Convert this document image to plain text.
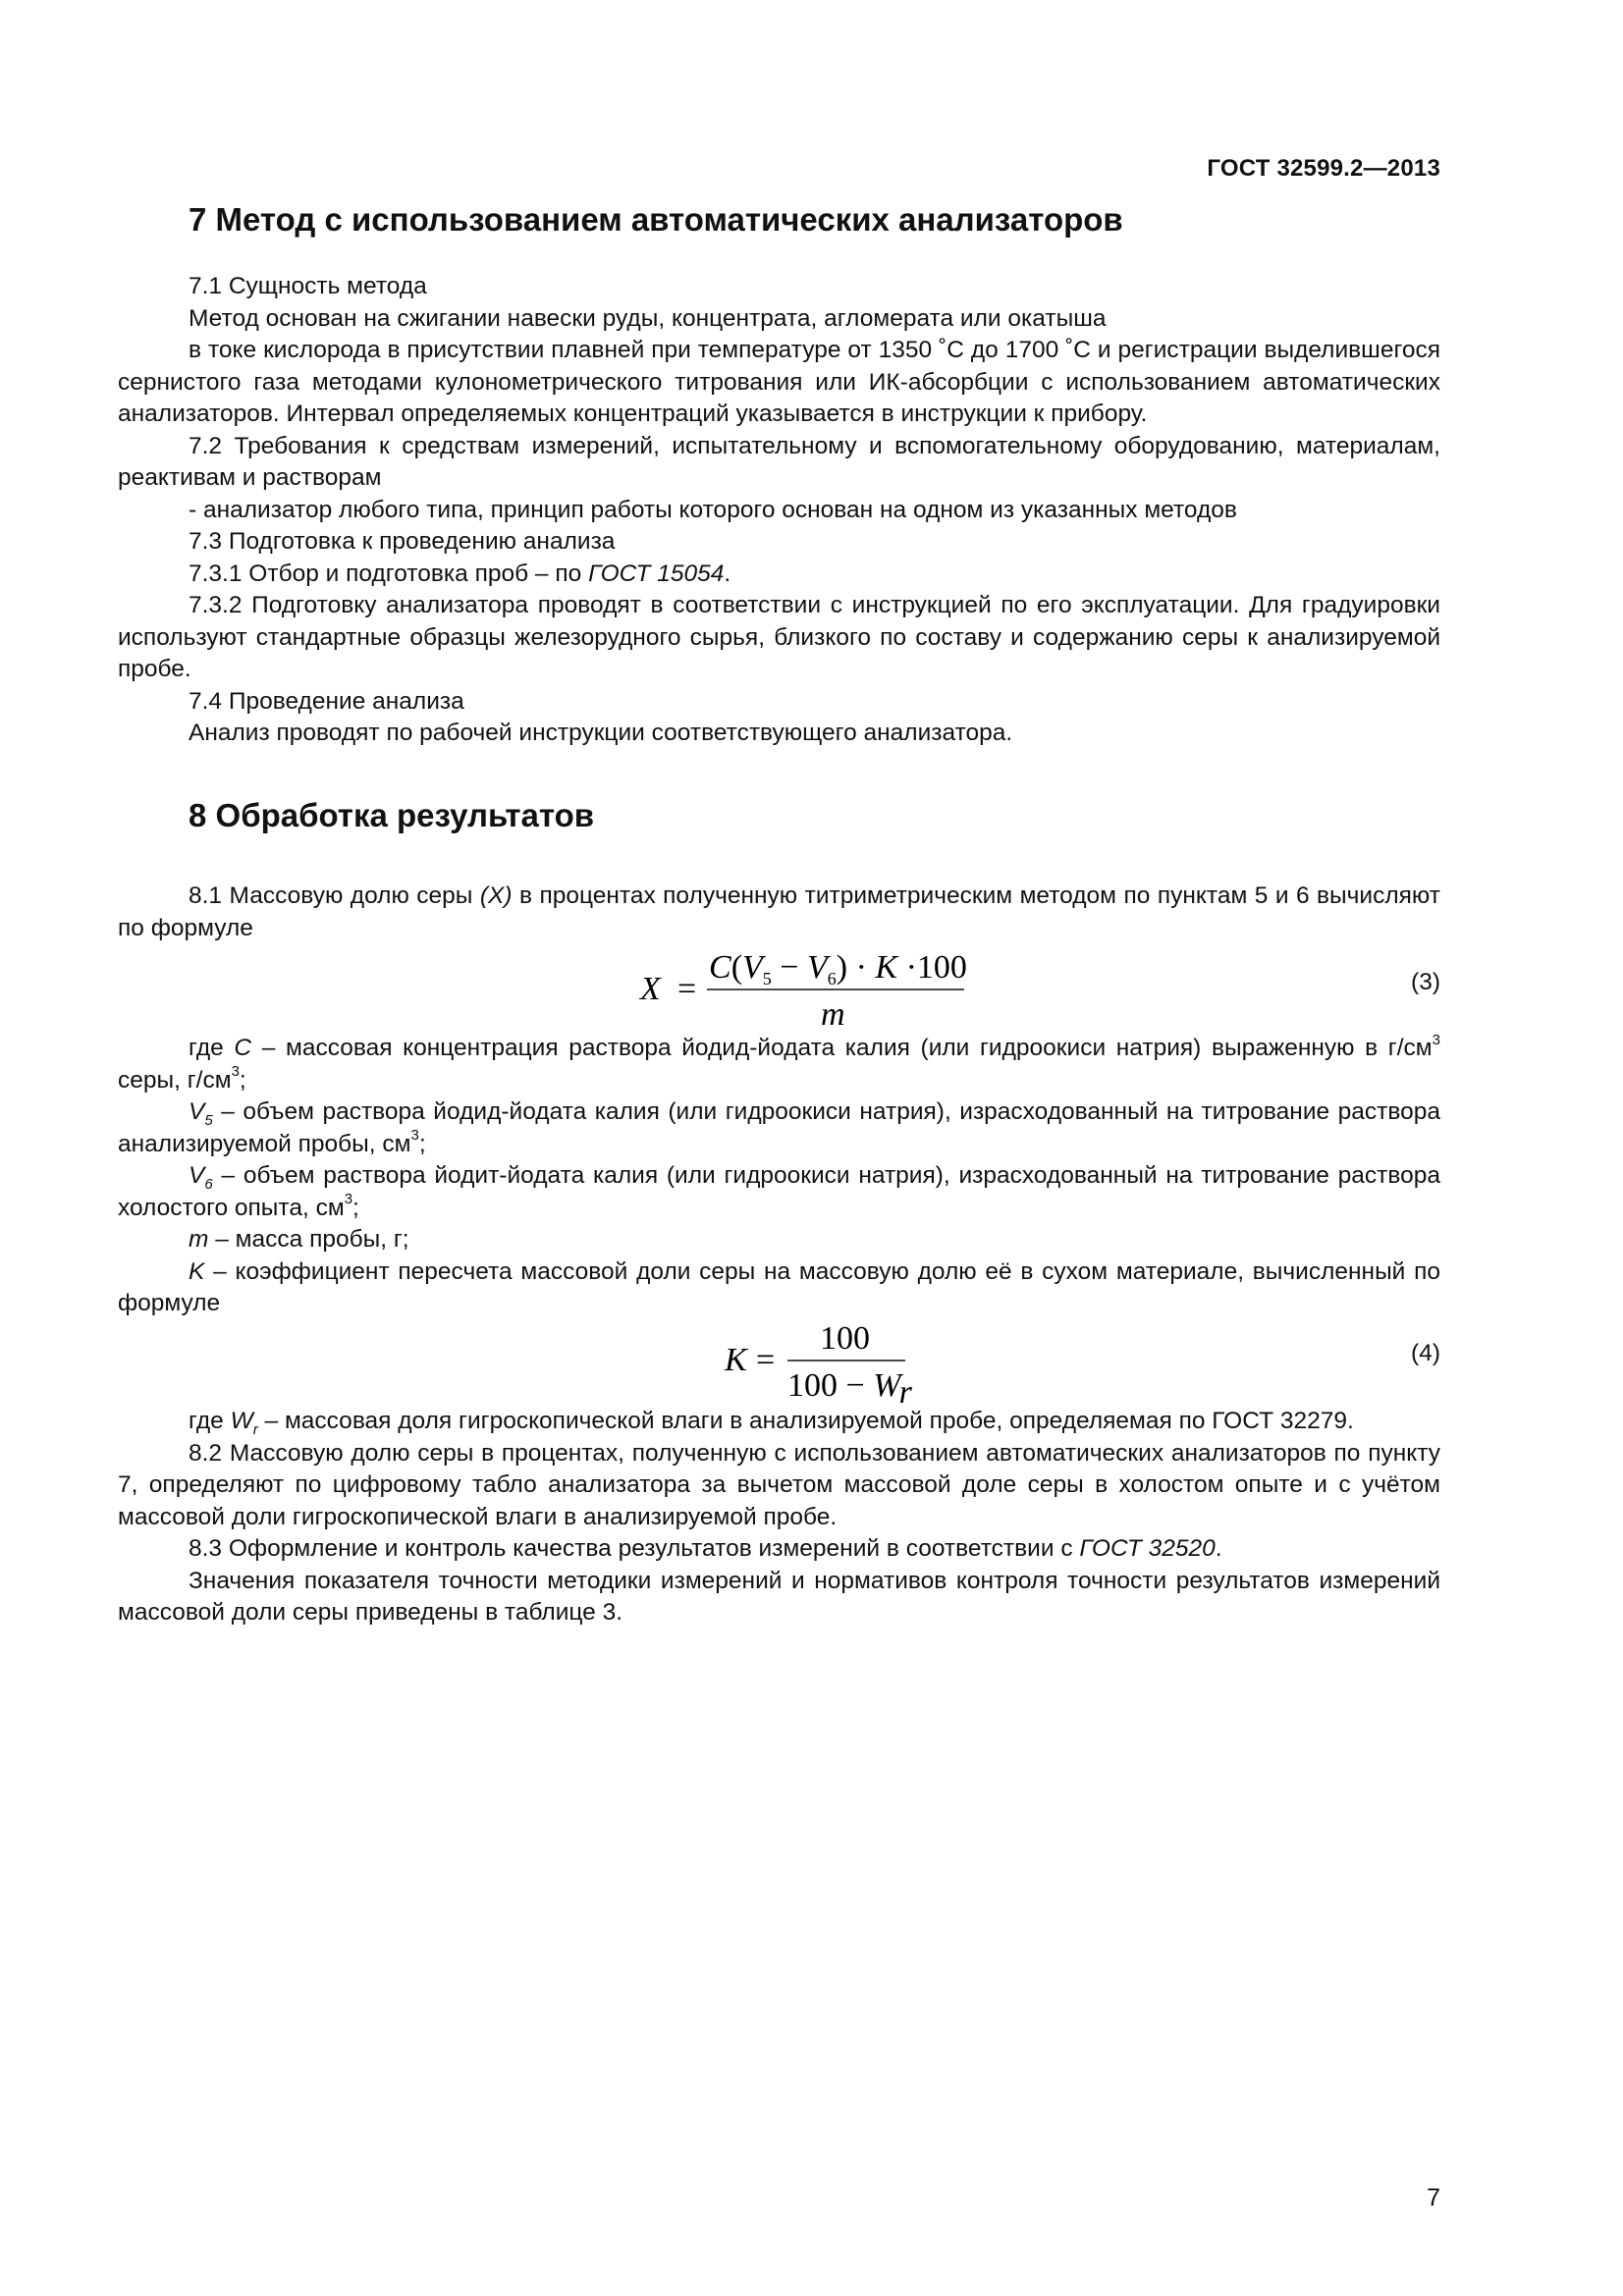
ГОСТ 32599.2—2013
7 Метод с использованием автоматических анализаторов

7.1 Сущность метода

Метод основан на сжигании навески руды, концентрата, агломерата или окатыша

в токе кислорода в присутствии плавней при температуре от 1350 ˚С до 1700 ˚С и регистрации выделившегося сернистого газа методами кулонометрического титрования или ИК-абсорбции с использованием автоматических анализаторов. Интервал определяемых концентраций указывается в инструкции к прибору.

7.2 Требования к средствам измерений, испытательному и вспомогательному оборудованию, материалам, реактивам и растворам

- анализатор любого типа, принцип работы которого основан на одном из указанных методов

7.3 Подготовка к проведению анализа

7.3.1 Отбор и подготовка проб – по ГОСТ 15054.

7.3.2 Подготовку анализатора проводят в соответствии с инструкцией по его эксплуатации. Для градуировки используют стандартные образцы железорудного сырья, близкого по составу и содержанию серы к анализируемой пробе.

7.4 Проведение анализа

Анализ проводят по рабочей инструкции соответствующего анализатора.

8 Обработка результатов

8.1 Массовую долю серы (Х) в процентах полученную титриметрическим методом по пунктам 5 и 6 вычисляют по формуле

X =
$C(V_5 - V_6) \cdot K \cdot 100$
m
(3)

где С – массовая концентрация раствора йодид-йодата калия (или гидроокиси натрия) выраженную в $г/см^3$ серы, $г/см^3$;

$V_5$ – объем раствора йодид-йодата калия (или гидроокиси натрия), израсходованный на титрование раствора анализируемой пробы, $см^3$;

$V_6$ – объем раствора йодит-йодата калия (или гидроокиси натрия), израсходованный на титрование раствора холостого опыта, $см^3$;

m – масса пробы, г;

K – коэффициент пересчета массовой доли серы на массовую долю её в сухом материале, вычисленный по формуле

K =
100
100 − Wr
(4)

где $W_r$ – массовая доля гигроскопической влаги в анализируемой пробе, определяемая по ГОСТ 32279.

8.2 Массовую долю серы в процентах, полученную с использованием автоматических анализаторов по пункту 7, определяют по цифровому табло анализатора за вычетом массовой доле серы в холостом опыте и с учётом массовой доли гигроскопической влаги в анализируемой пробе.

8.3 Оформление и контроль качества результатов измерений в соответствии с ГОСТ 32520.

Значения показателя точности методики измерений и нормативов контроля точности результатов измерений массовой доли серы приведены в таблице 3.

7
